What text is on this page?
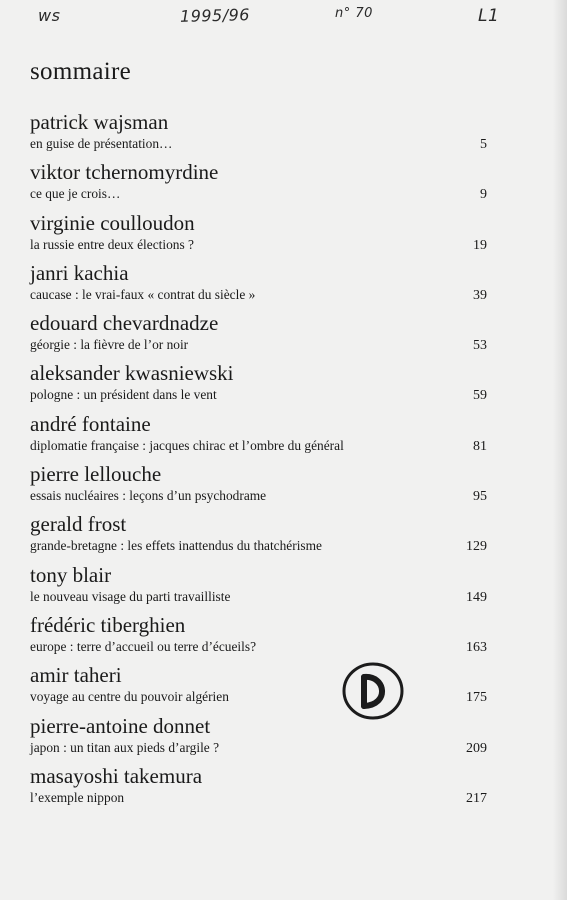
ws	1995/96	n° 70	L1
sommaire
patrick wajsman
en guise de présentation…	5
viktor tchernomyrdine
ce que je crois…	9
virginie coulloudon
la russie entre deux élections ?	19
janri kachia
caucase : le vrai-faux « contrat du siècle »	39
edouard chevardnadze
géorgie : la fièvre de l’or noir	53
aleksander kwasniewski
pologne : un président dans le vent	59
andré fontaine
diplomatie française : jacques chirac et l’ombre du général	81
pierre lellouche
essais nucléaires : leçons d’un psychodrame	95
gerald frost
grande-bretagne : les effets inattendus du thatchérisme	129
tony blair
le nouveau visage du parti travailliste	149
frédéric tiberghien
europe : terre d’accueil ou terre d’écueils?	163
amir taheri
voyage au centre du pouvoir algérien	175
pierre-antoine donnet
japon : un titan aux pieds d’argile ?	209
masayoshi takemura
l’exemple nippon	217
